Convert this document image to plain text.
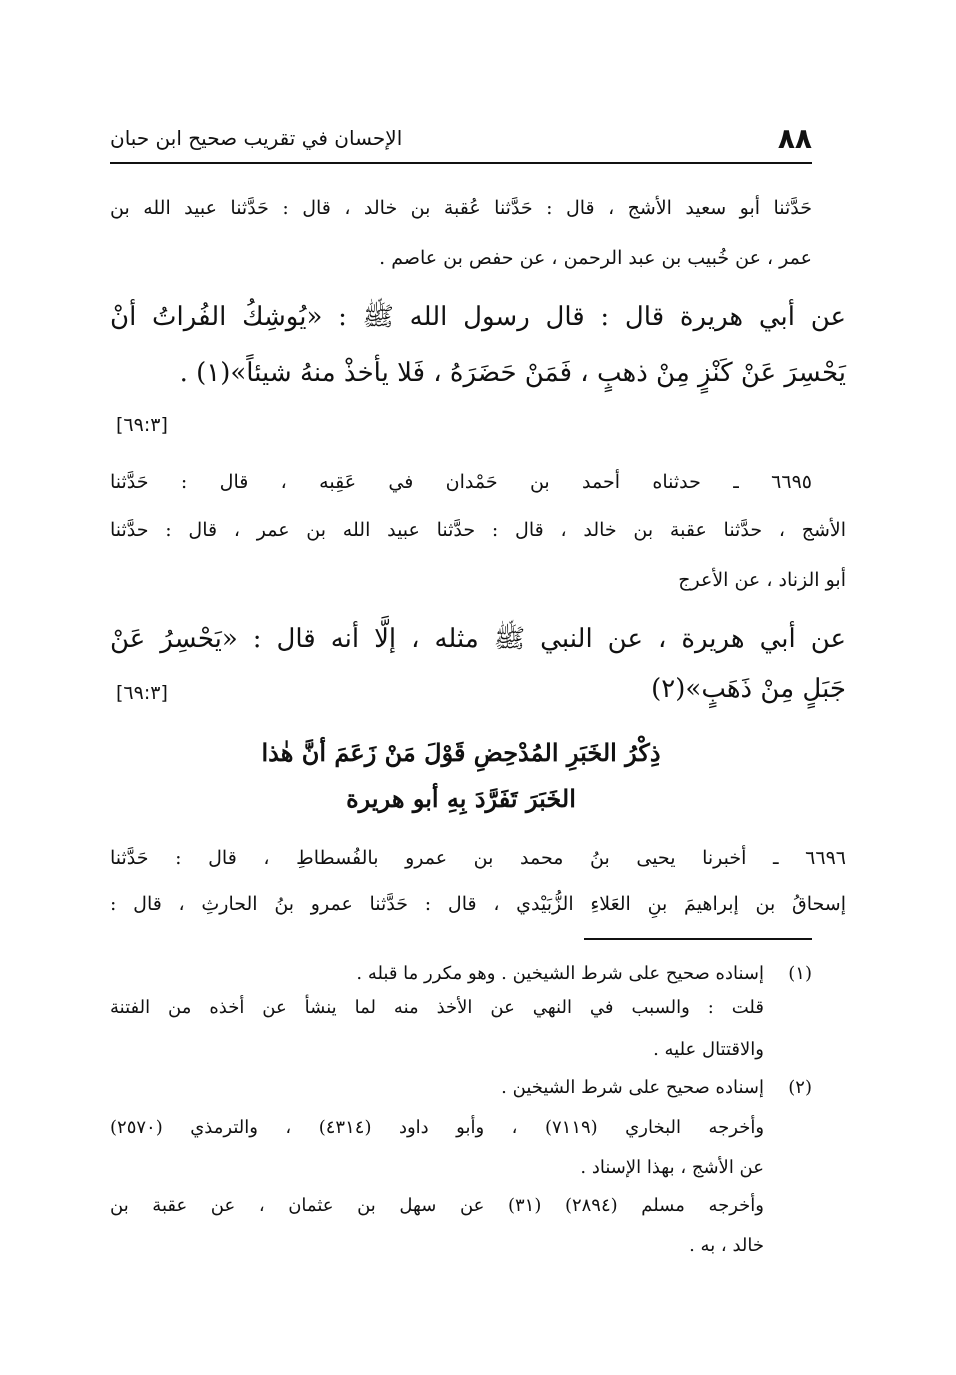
٨٨
الإحسان في تقريب صحيح ابن حبان
حَدَّثنا أبو سعيد الأشج ، قال : حَدَّثنا عُقبة بن خالد ، قال : حَدَّثنا عبيد الله بن
عمر ، عن خُبيب بن عبد الرحمن ، عن حفص بن عاصم .
عن أبي هريرة قال : قال رسول الله ﷺ : «يُوشِكُ الفُراتُ أنْ
يَحْسِرَ عَنْ كَنْزٍ مِنْ ذهبٍ ، فَمَنْ حَضَرَهُ ، فَلا يأخذْ منهُ شيئاً»(١) .
[٦٩:٣]
٦٦٩٥ ـ حدثناه أحمد بن حَمْدان في عَقِبه ، قال : حَدَّثنا
الأشج ، حدَّثنا عقبة بن خالد ، قال : حدَّثنا عبيد الله بن عمر ، قال : حدَّثنا
أبو الزناد ، عن الأعرج
عن أبي هريرة ، عن النبي ﷺ مثله ، إلَّا أنه قال : «يَحْسِرُ عَنْ
جَبَلٍ مِنْ ذَهَبٍ»(٢)
[٦٩:٣]
ذِكْرُ الخَبَرِ المُدْحِضِ قَوْلَ مَنْ زَعَمَ أنَّ هٰذا
الخَبَرَ تَفَرَّدَ بِهِ أبو هريرة
٦٦٩٦ ـ أخبرنا يحيى بنُ محمد بن عمرو بالفُسطاطِ ، قال : حَدَّثنا
إسحاقُ بن إبراهيمَ بنِ العَلاءِ الزُّبَيْدي ، قال : حَدَّثنا عمرو بنُ الحارثِ ، قال :
(١)
إسناده صحيح على شرط الشيخين . وهو مكرر ما قبله .
قلت : والسبب في النهي عن الأخذ منه لما ينشأ عن أخذه من الفتنة
والاقتتال عليه .
(٢)
إسناده صحيح على شرط الشيخين .
وأخرجه البخاري (٧١١٩) ، وأبو داود (٤٣١٤) ، والترمذي (٢٥٧٠)
عن الأشج ، بهذا الإسناد .
وأخرجه مسلم (٢٨٩٤) (٣١) عن سهل بن عثمان ، عن عقبة بن
خالد ، به .
